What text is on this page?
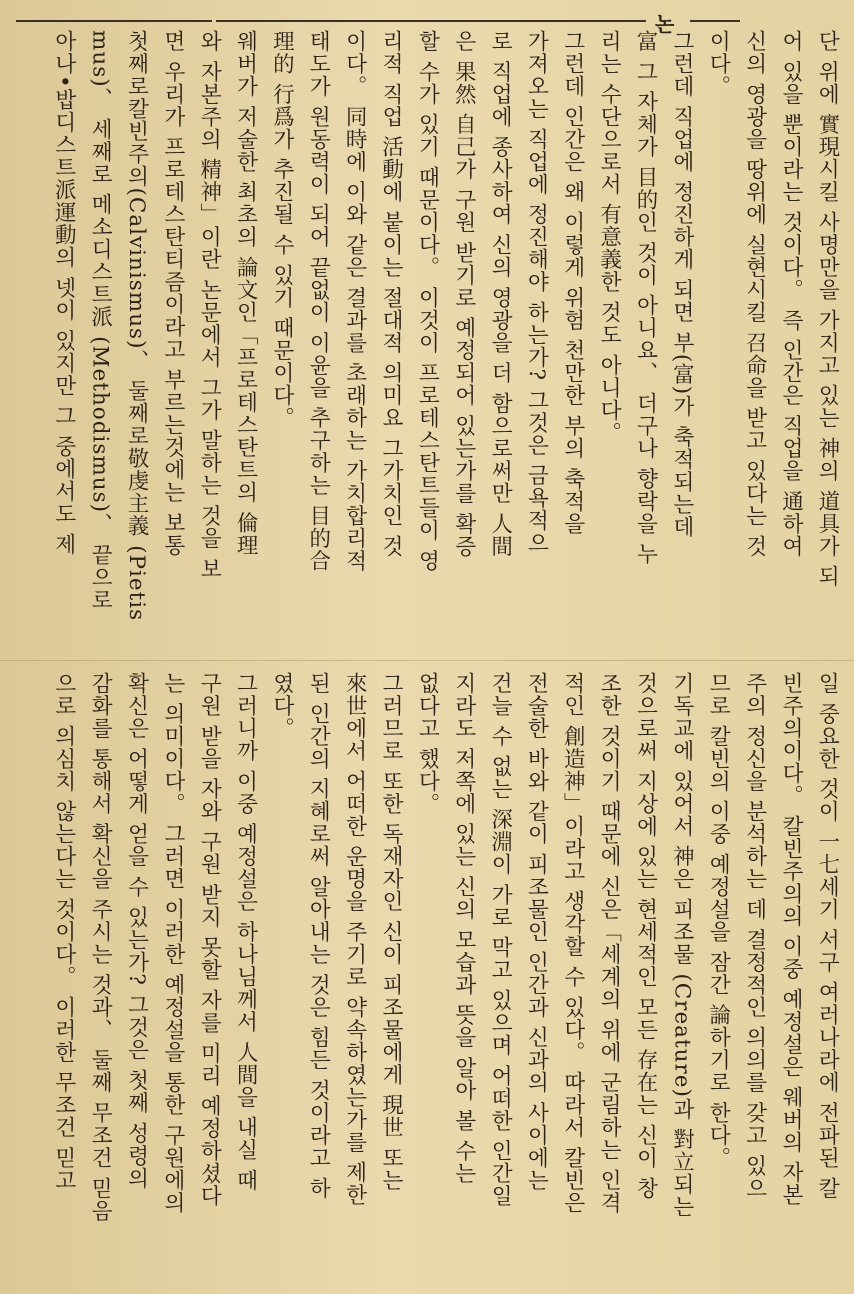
논
단 위에 實現시킬 사명만을 가지고 있는 神의 道具가 되
어 있을 뿐이라는 것이다。 즉 인간은 직업을 通하여
신의 영광을 땅위에 실현시킬 召命을 받고 있다는 것
이다。
그런데 직업에 정진하게 되면 부(富)가 축적되는데
富 그 자체가 目的인 것이 아니요、 더구나 향락을 누
리는 수단으로서 有意義한 것도 아니다。
그런데 인간은 왜 이렇게 위험 천만한 부의 축적을
가져오는 직업에 정진해야 하는가? 그것은 금욕적으
로 직업에 종사하여 신의 영광을 더 함으로써만 人間
은 果然 自己가 구원 받기로 예정되어 있는가를 확증
할 수가 있기 때문이다。 이것이 프로테스탄트들이 영
리적 직업 活動에 붙이는 절대적 의미요 그가치인 것
이다。 同時에 이와 같은 결과를 초래하는 가치합리적
태도가 원동력이 되어 끝없이 이윤을 추구하는 目的合
理的 行爲가 추진될 수 있기 때문이다。
웨버가 저술한 최초의 論文인「프로테스탄트의 倫理
와 자본주의 精神」이란 논문에서 그가 말하는 것을 보
면 우리가 프로테스탄티즘이라고 부르는것에는 보통
첫째로칼빈주의(Calvinismus)、 둘째로敬虔主義 (Pietis
mus)、 세째로 메소디스트派 (Methodismus)、 끝으로
아나•밥디스트派運動의 넷이 있지만 그 중에서도 제
일 중요한 것이 一七세기 서구 여러나라에 전파된 칼
빈주의이다。 칼빈주의의 이중 예정설은 웨버의 자본
주의 정신을 분석하는 데 결정적인 의의를 갖고 있으
므로 칼빈의 이중 예정설을 잠간 論하기로 한다。
기독교에 있어서 神은 피조물 (Creature)과 對立되는
것으로써 지상에 있는 현세적인 모든 存在는 신이 창
조한 것이기 때문에 신은「세계의 위에 군림하는 인격
적인 創造神」이라고 생각할 수 있다。 따라서 칼빈은
전술한 바와 같이 피조물인 인간과 신과의 사이에는
건늘 수 없는 深淵이 가로 막고 있으며 어떠한 인간일
지라도 저쪽에 있는 신의 모습과 뜻을 알아 볼 수는
없다고 했다。
그러므로 또한 독재자인 신이 피조물에게 現世 또는
來世에서 어떠한 운명을 주기로 약속하였는가를 제한
된 인간의 지혜로써 알아내는 것은 힘든 것이라고 하
였다。
그러니까 이중 예정설은 하나님께서 人間을 내실 때
구원 받을 자와 구원 받지 못할 자를 미리 예정하셨다
는 의미이다。 그러면 이러한 예정설을 통한 구원에의
확신은 어떻게 얻을 수 있는가? 그것은 첫째 성령의
감화를 통해서 확신을 주시는 것과、 둘째 무조건 믿음
으로 의심치 않는다는 것이다。 이러한 무조건 믿고
